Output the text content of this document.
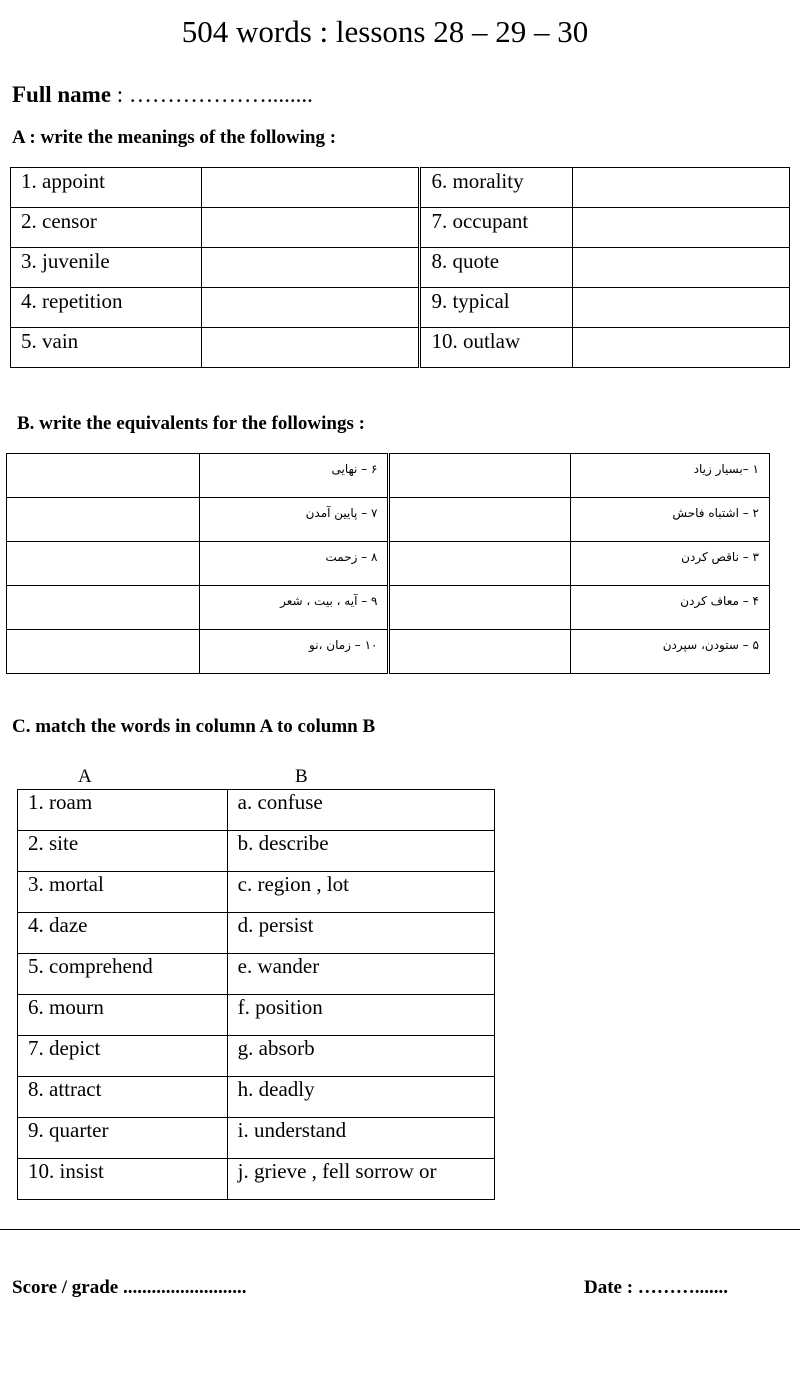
504 words : lessons 28 – 29 – 30
Full name : ………………........
A : write the meanings of the following :
1. appoint		6. morality	
2. censor		7. occupant	
3. juvenile		8. quote	
4. repetition		9. typical	
5. vain		10. outlaw	
B. write the equivalents for the followings :
	۶ – نهایی		۱ –بسیار زیاد
	۷ – پایین آمدن		۲ – اشتباه فاحش
	۸ – زحمت		۳ – ناقص کردن
	۹ – آیه ، بیت ، شعر		۴ – معاف کردن
	۱۰ – زمان ،نو		۵ – ستودن، سپردن
C. match the words in column A to column B
A	B
1. roam	a. confuse
2. site	b. describe
3. mortal	c. region , lot
4. daze	d. persist
5. comprehend	e. wander
6. mourn	f. position
7. depict	g. absorb
8. attract	h. deadly
9. quarter	i. understand
10. insist	j. grieve , fell sorrow or
Score / grade ..........................	Date : ……….......
